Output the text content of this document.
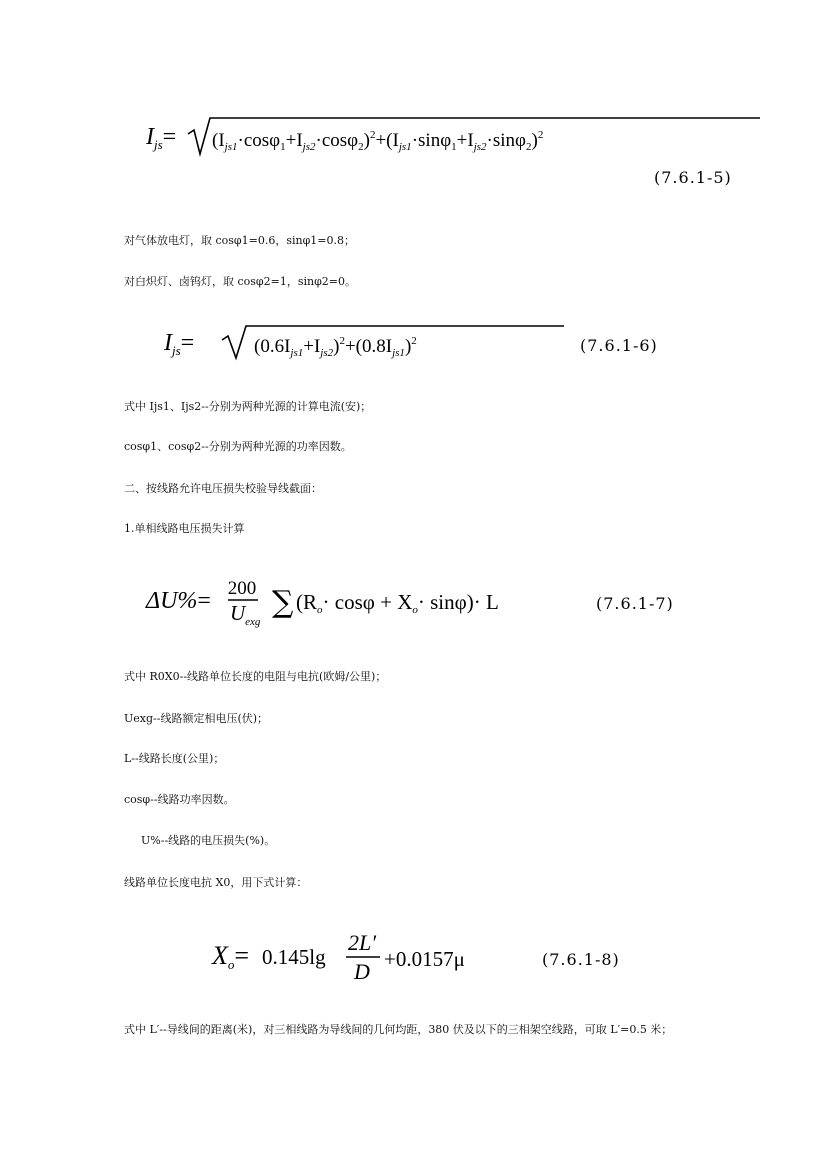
$I_{js}= (I_{js1}\cdot\cos\varphi_1+I_{js2}\cdot\cos\varphi_2)^2+(I_{js1}\cdot\sin\varphi_1+I_{js2}\cdot\sin\varphi_2)^2$
(7.6.1-5)
对气体放电灯，取 cosφ1=0.6，sinφ1=0.8；
对白炽灯、卤钨灯，取 cosφ2=1，sinφ2=0。
$I_{js}=$	$(0.6I_{js1}+I_{js2})^2+(0.8I_{js1})^2$	(7.6.1-6)
式中 Ijs1、Ijs2--分别为两种光源的计算电流(安)；
cosφ1、cosφ2--分别为两种光源的功率因数。
二、按线路允许电压损失校验导线截面：
1.单相线路电压损失计算
ΔU%= 200
$U_{exg}$
∑ (Ro· cosφ + Xo· sinφ)· L	(7.6.1-7)
式中 R0X0--线路单位长度的电阻与电抗(欧姆/公里)；
Uexg--线路额定相电压(伏)；
L--线路长度(公里)；
cosφ--线路功率因数。
U%--线路的电压损失(%)。
线路单位长度电抗 X0，用下式计算：
Xo= 0.145lg
2L′
D +0.0157μ	(7.6.1-8)
式中 L′--导线间的距离(米)，对三相线路为导线间的几何均距，380 伏及以下的三相架空线路，可取 L′=0.5 米；
